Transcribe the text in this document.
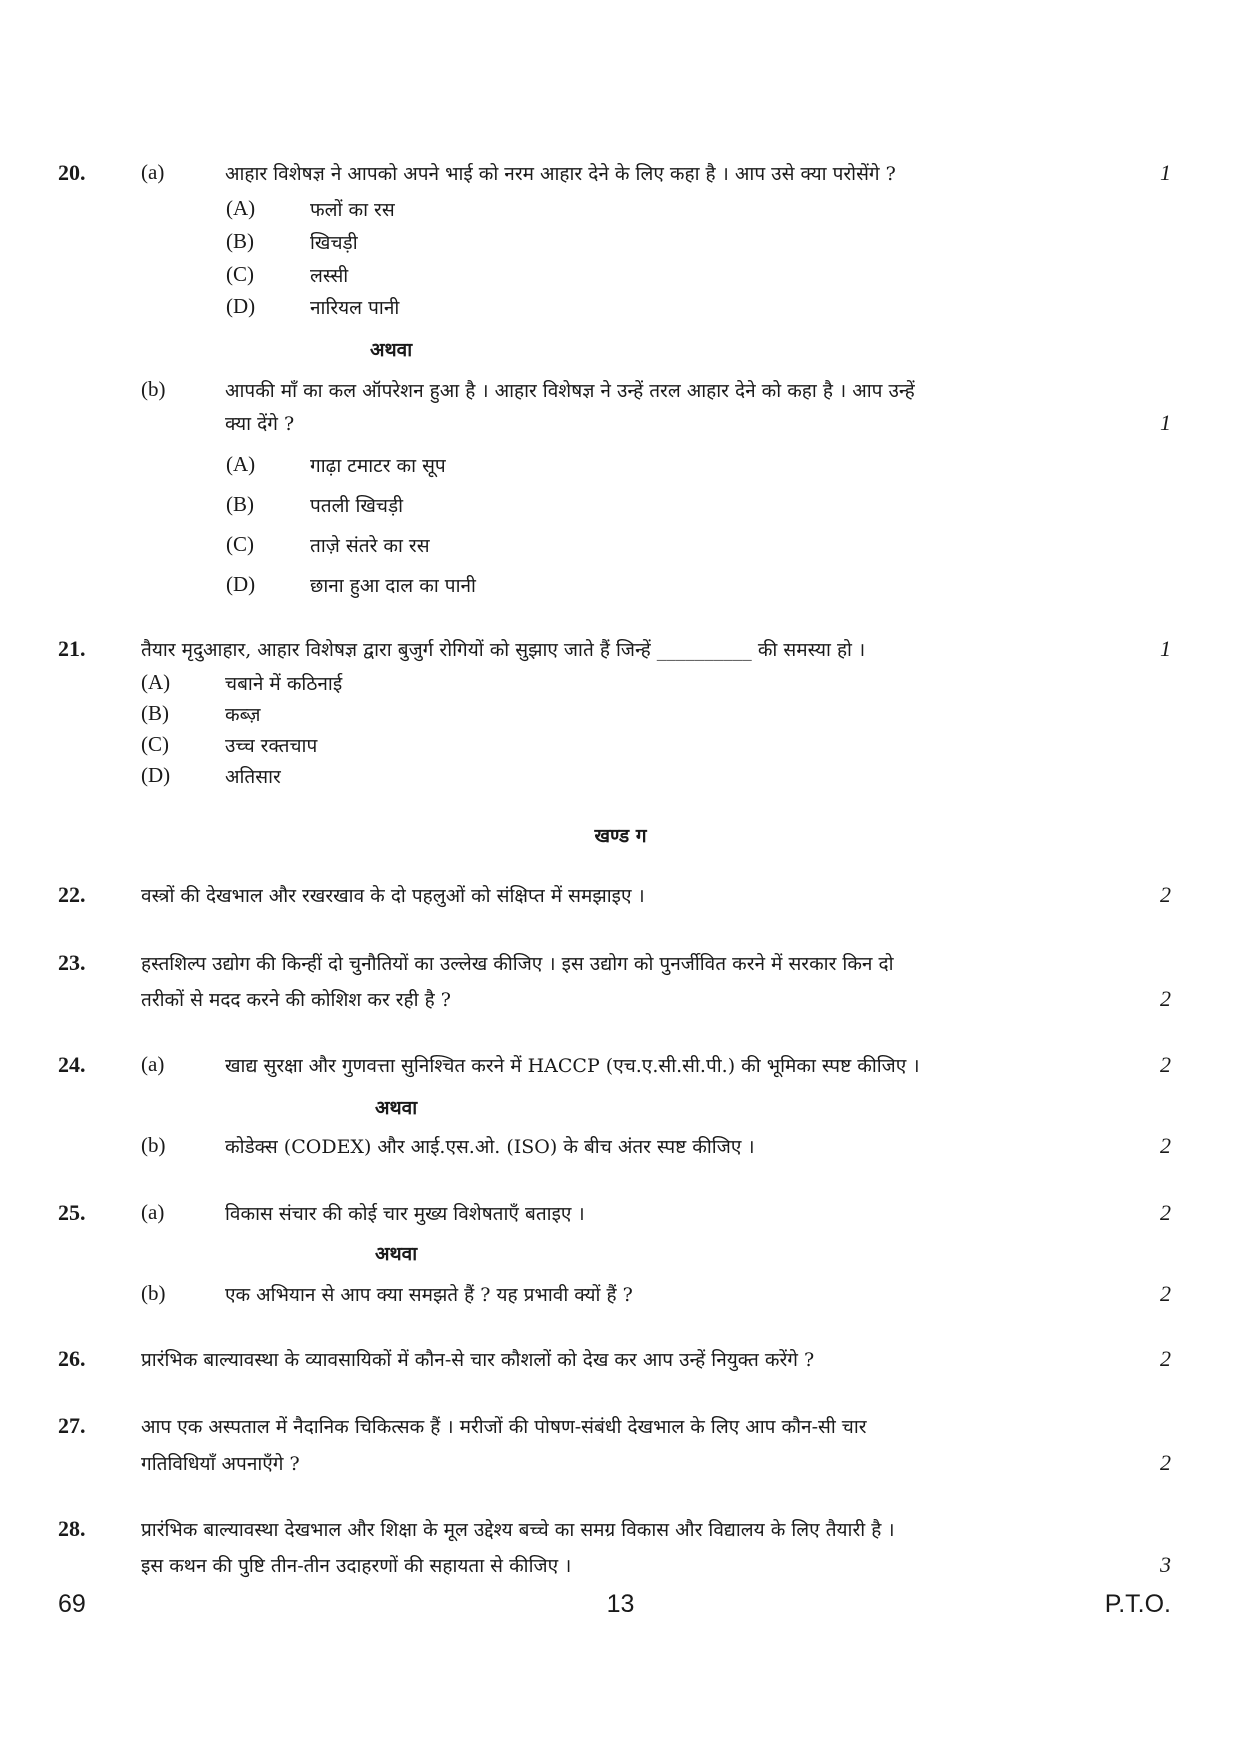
20.	(a)	आहार विशेषज्ञ ने आपको अपने भाई को नरम आहार देने के लिए कहा है । आप उसे क्या परोसेंगे ?	1

(A)	फलों का रस

(B)	खिचड़ी

(C)	लस्सी

(D)	नारियल पानी

अथवा

(b)	आपकी माँ का कल ऑपरेशन हुआ है । आहार विशेषज्ञ ने उन्हें तरल आहार देने को कहा है । आप उन्हें

क्या देंगे ?	1

(A)	गाढ़ा टमाटर का सूप

(B)	पतली खिचड़ी

(C)	ताज़े संतरे का रस

(D)	छाना हुआ दाल का पानी

21.	तैयार मृदुआहार, आहार विशेषज्ञ द्वारा बुजुर्ग रोगियों को सुझाए जाते हैं जिन्हें __________ की समस्या हो ।	1

(A)	चबाने में कठिनाई

(B)	कब्ज़

(C)	उच्च रक्तचाप

(D)	अतिसार

खण्ड ग

22.	वस्त्रों की देखभाल और रखरखाव के दो पहलुओं को संक्षिप्त में समझाइए ।	2

23.	हस्तशिल्प उद्योग की किन्हीं दो चुनौतियों का उल्लेख कीजिए । इस उद्योग को पुनर्जीवित करने में सरकार किन दो

तरीकों से मदद करने की कोशिश कर रही है ?	2

24.	(a)	खाद्य सुरक्षा और गुणवत्ता सुनिश्चित करने में HACCP (एच.ए.सी.सी.पी.) की भूमिका स्पष्ट कीजिए ।	2

अथवा

(b)	कोडेक्स (CODEX) और आई.एस.ओ. (ISO) के बीच अंतर स्पष्ट कीजिए ।	2

25.	(a)	विकास संचार की कोई चार मुख्य विशेषताएँ बताइए ।	2

अथवा

(b)	एक अभियान से आप क्या समझते हैं ? यह प्रभावी क्यों हैं ?	2

26.	प्रारंभिक बाल्यावस्था के व्यावसायिकों में कौन-से चार कौशलों को देख कर आप उन्हें नियुक्त करेंगे ?	2

27.	आप एक अस्पताल में नैदानिक चिकित्सक हैं । मरीजों की पोषण-संबंधी देखभाल के लिए आप कौन-सी चार

गतिविधियाँ अपनाएँगे ?	2

28.	प्रारंभिक बाल्यावस्था देखभाल और शिक्षा के मूल उद्देश्य बच्चे का समग्र विकास और विद्यालय के लिए तैयारी है ।

इस कथन की पुष्टि तीन-तीन उदाहरणों की सहायता से कीजिए ।	3

69	13	P.T.O.
